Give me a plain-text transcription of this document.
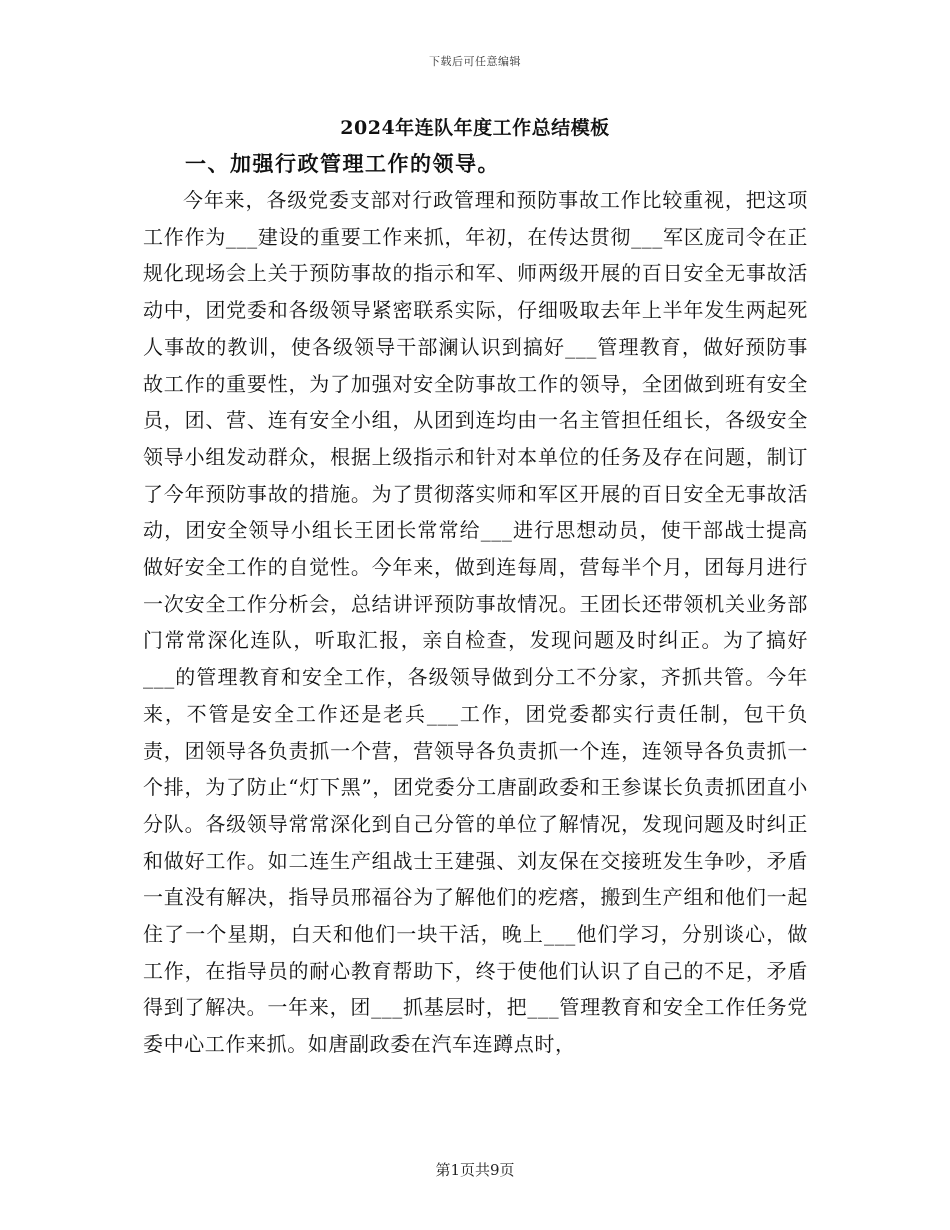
下载后可任意编辑
2024年连队年度工作总结模板
一、加强行政管理工作的领导。

今年来，各级党委支部对行政管理和预防事故工作比较重视，把这项工作作为___建设的重要工作来抓，年初，在传达贯彻___军区庞司令在正规化现场会上关于预防事故的指示和军、师两级开展的百日安全无事故活动中，团党委和各级领导紧密联系实际，仔细吸取去年上半年发生两起死人事故的教训，使各级领导干部澜认识到搞好___管理教育，做好预防事故工作的重要性，为了加强对安全防事故工作的领导，全团做到班有安全员，团、营、连有安全小组，从团到连均由一名主管担任组长，各级安全领导小组发动群众，根据上级指示和针对本单位的任务及存在问题，制订了今年预防事故的措施。为了贯彻落实师和军区开展的百日安全无事故活动，团安全领导小组长王团长常常给___进行思想动员，使干部战士提高做好安全工作的自觉性。今年来，做到连每周，营每半个月，团每月进行一次安全工作分析会，总结讲评预防事故情况。王团长还带领机关业务部门常常深化连队，听取汇报，亲自检查，发现问题及时纠正。为了搞好___的管理教育和安全工作，各级领导做到分工不分家，齐抓共管。今年来，不管是安全工作还是老兵___工作，团党委都实行责任制，包干负责，团领导各负责抓一个营，营领导各负责抓一个连，连领导各负责抓一个排，为了防止“灯下黑”，团党委分工唐副政委和王参谋长负责抓团直小分队。各级领导常常深化到自己分管的单位了解情况，发现问题及时纠正和做好工作。如二连生产组战士王建强、刘友保在交接班发生争吵，矛盾一直没有解决，指导员邢福谷为了解他们的疙瘩，搬到生产组和他们一起住了一个星期，白天和他们一块干活，晚上___他们学习，分别谈心，做工作，在指导员的耐心教育帮助下，终于使他们认识了自己的不足，矛盾得到了解决。一年来，团___抓基层时，把___管理教育和安全工作任务党委中心工作来抓。如唐副政委在汽车连蹲点时，

第1页共9页
